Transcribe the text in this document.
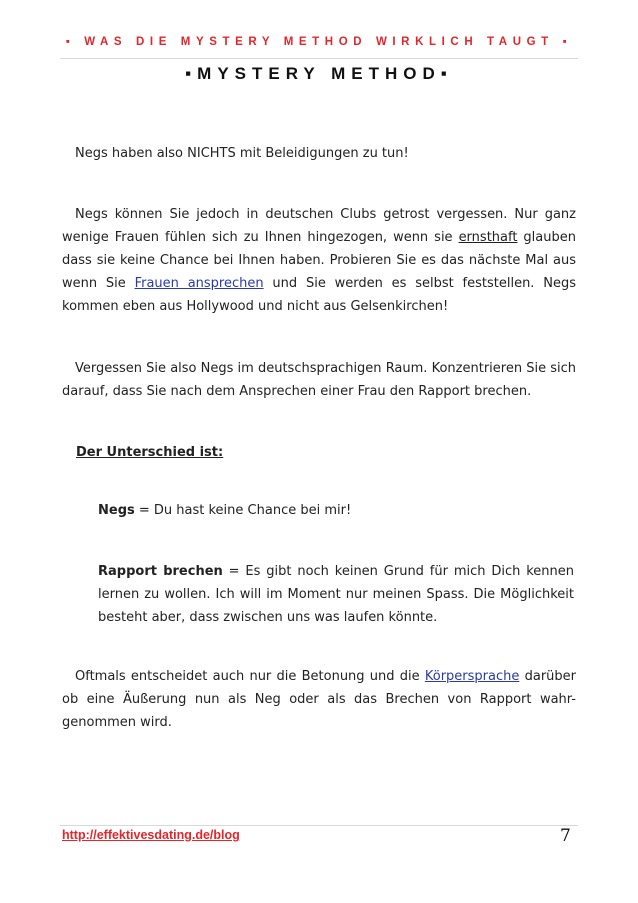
▪ WAS DIE MYSTERY METHOD WIRKLICH TAUGT ▪
▪MYSTERY METHOD▪

Negs haben also NICHTS mit Beleidigungen zu tun!

Negs können Sie jedoch in deutschen Clubs getrost vergessen. Nur ganz wenige Frauen fühlen sich zu Ihnen hingezogen, wenn sie ernsthaft glauben dass sie keine Chance bei Ihnen haben. Probieren Sie es das nächste Mal aus wenn Sie Frauen ansprechen und Sie werden es selbst feststellen. Negs kommen eben aus Hollywood und nicht aus Gelsenkirchen!

Vergessen Sie also Negs im deutschsprachigen Raum. Konzentrieren Sie sich darauf, dass Sie nach dem Ansprechen einer Frau den Rapport brechen.

Der Unterschied ist:

Negs = Du hast keine Chance bei mir!

Rapport brechen = Es gibt noch keinen Grund für mich Dich kennen lernen zu wollen. Ich will im Moment nur meinen Spass. Die Möglichkeit besteht aber, dass zwischen uns was laufen könnte.

Oftmals entscheidet auch nur die Betonung und die Körpersprache darüber ob eine Äußerung nun als Neg oder als das Brechen von Rapport wahr-genommen wird.

http://effektivesdating.de/blog	7
